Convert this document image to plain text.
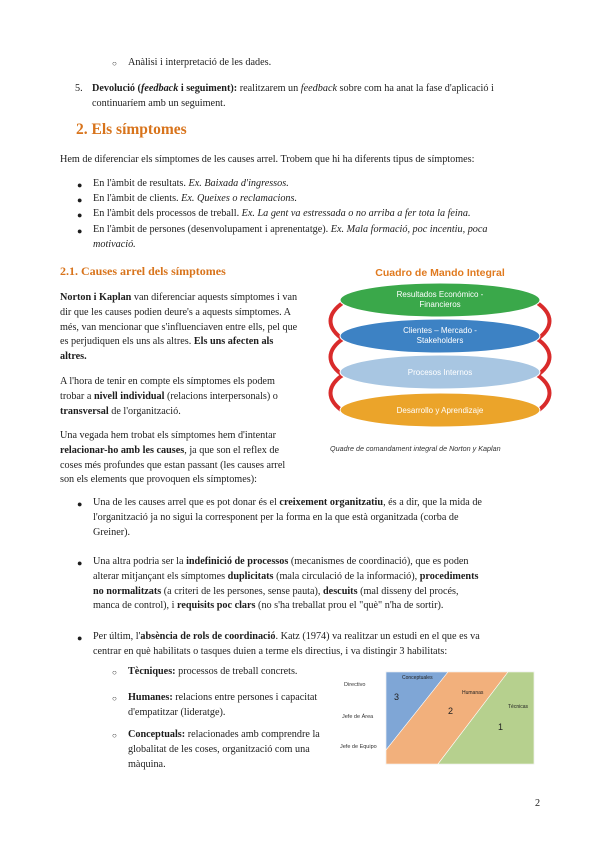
○ Anàlisi i interpretació de les dades.

5. Devolució (feedback i seguiment): realitzarem un feedback sobre com ha anat la fase d'aplicació i

continuaríem amb un seguiment.

2. Els símptomes

Hem de diferenciar els símptomes de les causes arrel. Trobem que hi ha diferents tipus de símptomes:

● En l'àmbit de resultats. Ex. Baixada d'ingressos.

● En l'àmbit de clients. Ex. Queixes o reclamacions.

● En l'àmbit dels processos de treball. Ex. La gent va estressada o no arriba a fer tota la feina.

● En l'àmbit de persones (desenvolupament i aprenentatge). Ex. Mala formació, poc incentiu, poca

motivació.

2.1. Causes arrel dels símptomes
Norton i Kaplan van diferenciar aquests símptomes i van
dir que les causes podien deure's a aquests símptomes. A
més, van mencionar que s'influenciaven entre ells, pel que
es perjudiquen els uns als altres. Els uns afecten als
altres.
A l'hora de tenir en compte els símptomes els podem
trobar a nivell individual (relacions interpersonals) o
transversal de l'organització.
Una vegada hem trobat els símptomes hem d'intentar
relacionar-ho amb les causes, ja que son el reflex de
coses més profundes que estan passant (les causes arrel
son els elements que provoquen els símptomes):
Cuadro de Mando Integral
Resultados Económico -
Financieros
Clientes – Mercado -
Stakeholders
Procesos Internos
Desarrollo y Aprendizaje

Quadre de comandament integral de Norton y Kaplan

● Una de les causes arrel que es pot donar és el creixement organitzatiu, és a dir, que la mida de
l'organització ja no sigui la corresponent per la forma en la que està organitzada (corba de
Greiner).
● Una altra podria ser la indefinició de processos (mecanismes de coordinació), que es poden
alterar mitjançant els símptomes duplicitats (mala circulació de la informació), procediments
no normalitzats (a criteri de les persones, sense pauta), descuits (mal disseny del procés,
manca de control), i requisits poc clars (no s'ha treballat prou el "què" n'ha de sortir).
● Per últim, l'absència de rols de coordinació. Katz (1974) va realitzar un estudi en el que es va
centrar en què habilitats o tasques duien a terme els directius, i va distingir 3 habilitats:
○ Tècniques: processos de treball concrets.

○ Humanes: relacions entre persones i capacitat
d'empatitzar (lideratge).
○ Conceptuals: relacionades amb comprendre la
globalitat de les coses, organització com una
màquina.
Directivo
Jefe de Área
Jefe de Equipo
Conceptuales
Humanas
Técnicas
3
2
1

2
